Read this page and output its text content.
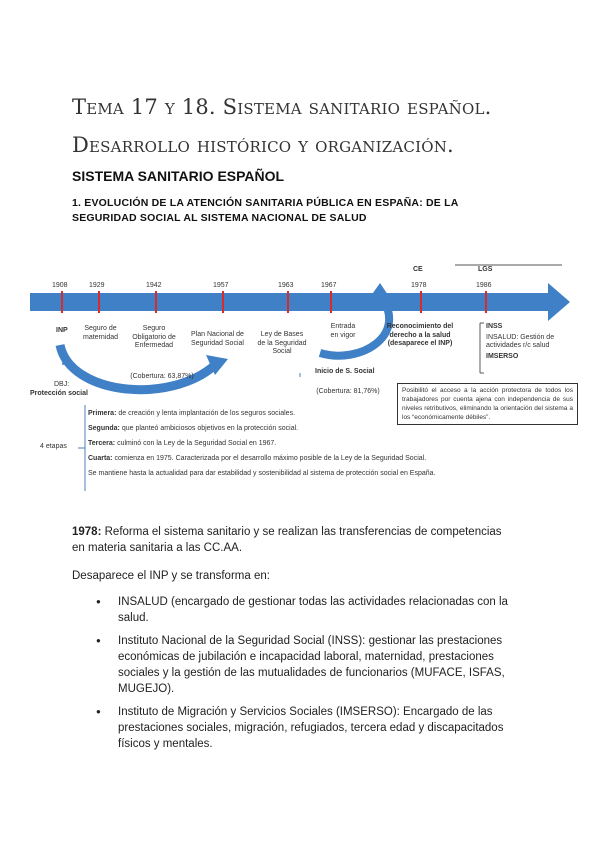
Tema 17 y 18. Sistema sanitario español. Desarrollo histórico y organización.
SISTEMA SANITARIO ESPAÑOL
1. EVOLUCIÓN DE LA ATENCIÓN SANITARIA PÚBLICA EN ESPAÑA: DE LA SEGURIDAD SOCIAL AL SISTEMA NACIONAL DE SALUD
CE	LGS
1908	1929	1942	1957	1963	1967	1978	1986
INP	Seguro de maternidad
Seguro Obligatorio de Enfermedad
(Cobertura: 63,87%)
Plan Nacional de Seguridad Social
Ley de Bases de la Seguridad Social
Entrada en vigor
Inicio de S. Social
(Cobertura: 81,76%)
Reconocimiento del derecho a la salud (desaparece el INP)
DBJ:
Protección social
INSS
INSALUD: Gestión de actividades r/c salud
IMSERSO
Posibilitó el acceso a la acción protectora de todos los trabajadores por cuenta ajena con independencia de sus niveles retributivos, eliminando la orientación del sistema a los “económicamente débiles”.
4 etapas
Primera: de creación y lenta implantación de los seguros sociales.
Segunda: que planteó ambiciosos objetivos en la protección social.
Tercera: culminó con la Ley de la Seguridad Social en 1967.
Cuarta: comienza en 1975. Caracterizada por el desarrollo máximo posible de la Ley de la Seguridad Social.
Se mantiene hasta la actualidad para dar estabilidad y sostenibilidad al sistema de protección social en España.
1978: Reforma el sistema sanitario y se realizan las transferencias de competencias en materia sanitaria a las CC.AA.
Desaparece el INP y se transforma en:
● INSALUD (encargado de gestionar todas las actividades relacionadas con la salud.
● Instituto Nacional de la Seguridad Social (INSS): gestionar las prestaciones económicas de jubilación e incapacidad laboral, maternidad, prestaciones sociales y la gestión de las mutualidades de funcionarios (MUFACE, ISFAS, MUGEJO).
● Instituto de Migración y Servicios Sociales (IMSERSO): Encargado de las prestaciones sociales, migración, refugiados, tercera edad y discapacitados físicos y mentales.
